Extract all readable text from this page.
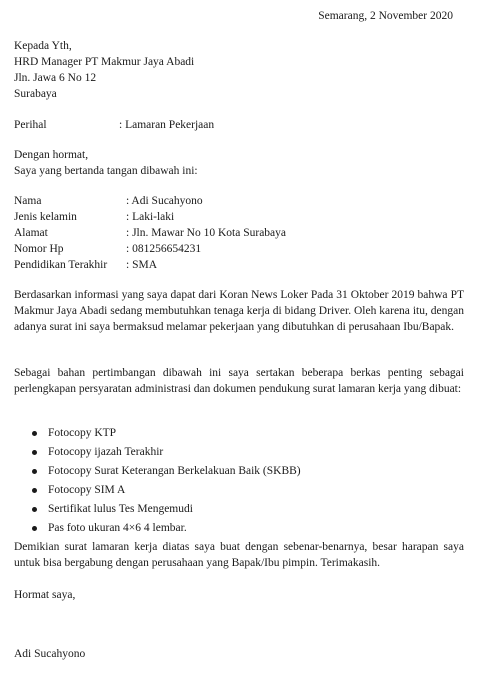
Semarang, 2 November 2020
Kepada Yth,
HRD Manager PT Makmur Jaya Abadi
Jln. Jawa 6 No 12
Surabaya
Perihal	: Lamaran Pekerjaan
Dengan hormat,
Saya yang bertanda tangan dibawah ini:
Nama	: Adi Sucahyono
Jenis kelamin	: Laki-laki
Alamat	: Jln. Mawar No 10 Kota Surabaya
Nomor Hp	: 081256654231
Pendidikan Terakhir	: SMA
Berdasarkan informasi yang saya dapat dari Koran News Loker Pada 31 Oktober 2019 bahwa PT Makmur Jaya Abadi sedang membutuhkan tenaga kerja di bidang Driver. Oleh karena itu, dengan adanya surat ini saya bermaksud melamar pekerjaan yang dibutuhkan di perusahaan Ibu/Bapak.
Sebagai bahan pertimbangan dibawah ini saya sertakan beberapa berkas penting sebagai perlengkapan persyaratan administrasi dan dokumen pendukung surat lamaran kerja yang dibuat:
Fotocopy KTP
Fotocopy ijazah Terakhir
Fotocopy Surat Keterangan Berkelakuan Baik (SKBB)
Fotocopy SIM A
Sertifikat lulus Tes Mengemudi
Pas foto ukuran 4×6 4 lembar.
Demikian surat lamaran kerja diatas saya buat dengan sebenar-benarnya, besar harapan saya untuk bisa bergabung dengan perusahaan yang Bapak/Ibu pimpin. Terimakasih.
Hormat saya,
Adi Sucahyono
